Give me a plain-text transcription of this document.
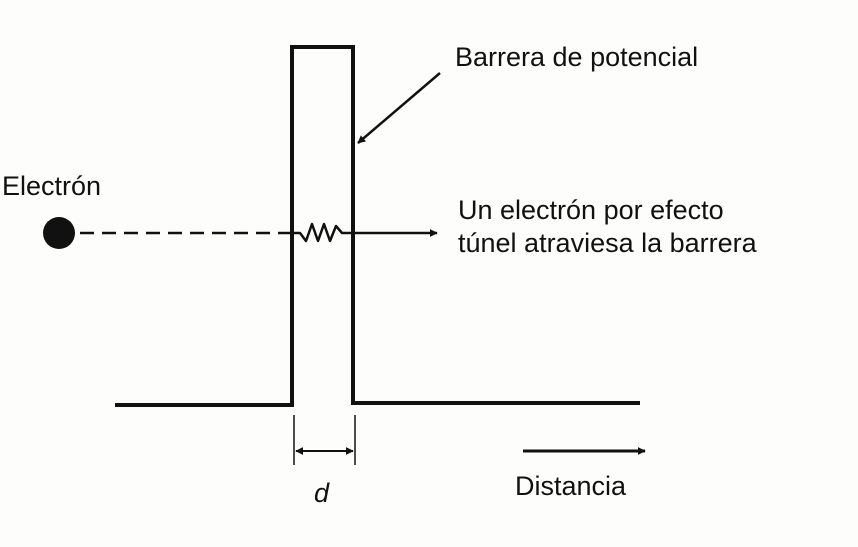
Barrera de potencial
Electrón
Un electrón por efecto
túnel atraviesa la barrera
d	Distancia
